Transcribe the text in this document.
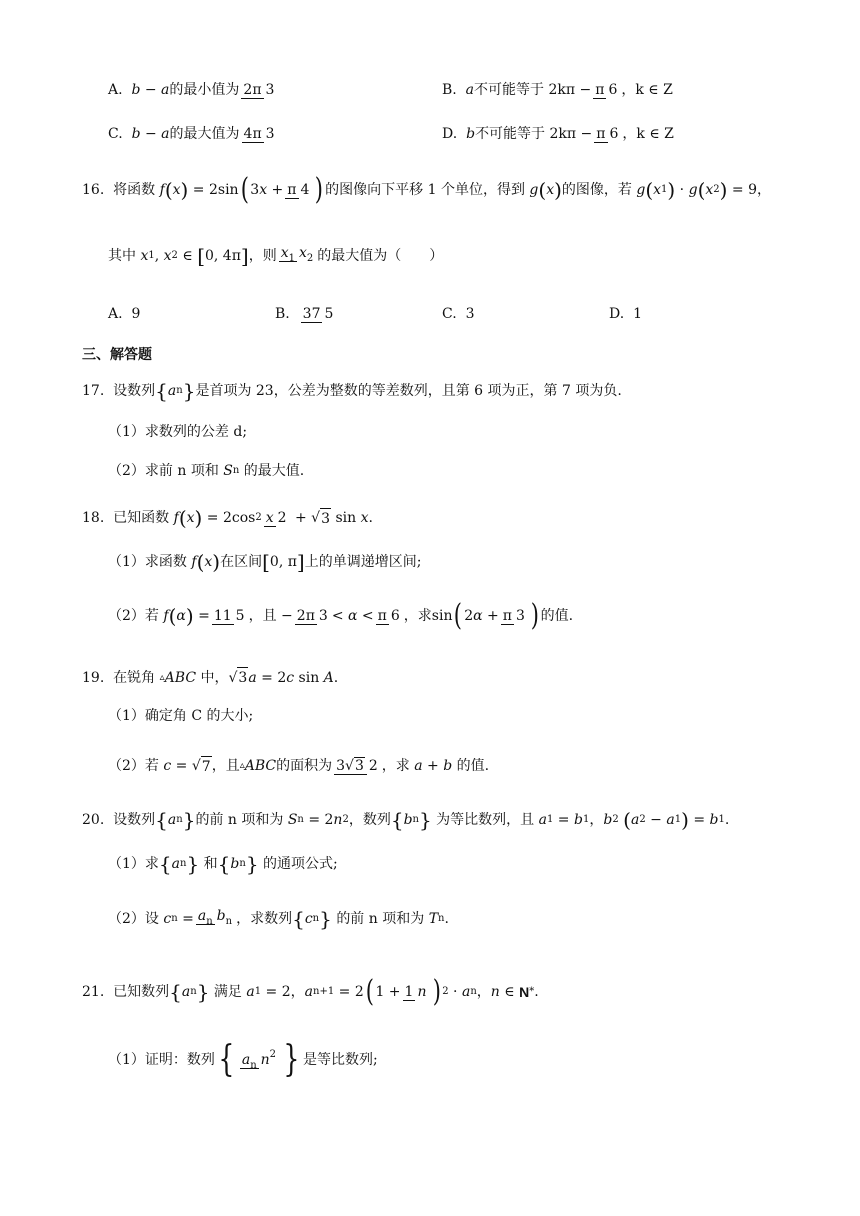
A.
b − a 的最小值为 2π 3	B.
a 不可能等于
2kπ − π 6 ，k ∈ Z
C.
b − a 的最大值为 4π 3	D.
b 不可能等于
2kπ − π 6 ，k ∈ Z
16.
将函数
f ( x ) = 2sin ( 3 x + π 4 ) 的图像向下平移 1 个单位，得到
g ( x ) 的图像，若
g ( x 1 ) · g ( x 2 ) = 9，
其中
x 1 , x 2 ∈ [ 0, 4π ] ，则 $x_1$ $x_2$ 的最大值为（　　）
A.
9	B.
37 5	C.
3	D.
1
三、解答题
17.
设数列 { a n } 是首项为 23，公差为整数的等差数列，且第 6 项为正，第 7 项为负.
（1）求数列的公差 d;
（2）求前 n 项和
S n
的最大值.
18.
已知函数
f ( x ) = 2cos 2 x 2 + √ 3 sin x .
（1）求函数
f ( x ) 在区间 [ 0, π ] 上的单调递增区间;
（2）若
f ( α ) = 11 5 ，且 − 2π 3 < α < π 6 ，求 sin ( 2 α + π 3 ) 的值.
19.
在锐角
▵ ABC
中， √ 3 a = 2 c sin A .
（1）确定角 C 的大小;
（2）若
c = √ 7 ，且 ▵ ABC 的面积为 3√3 2 ，求
a + b
的值.
20.
设数列 { a n } 的前 n 项和为
S n = 2 n 2 ，数列 { b n }
为等比数列，且
a 1 = b 1 ， b 2
( a 2 − a 1 ) = b 1 .
（1）求 { a n }
和 { b n }
的通项公式;
（2）设
c $n = a_n$ $b_n$ ，求数列 { c n }
的前 n 项和为
T n .
21.
已知数列 { a n }
满足
a 1 = 2 ， a n+1 = 2 ( 1 + 1 n ) 2 · a n ， n ∈ N * .
（1）证明：数列 { $a_n$ $n^2$ } 是等比数列;
